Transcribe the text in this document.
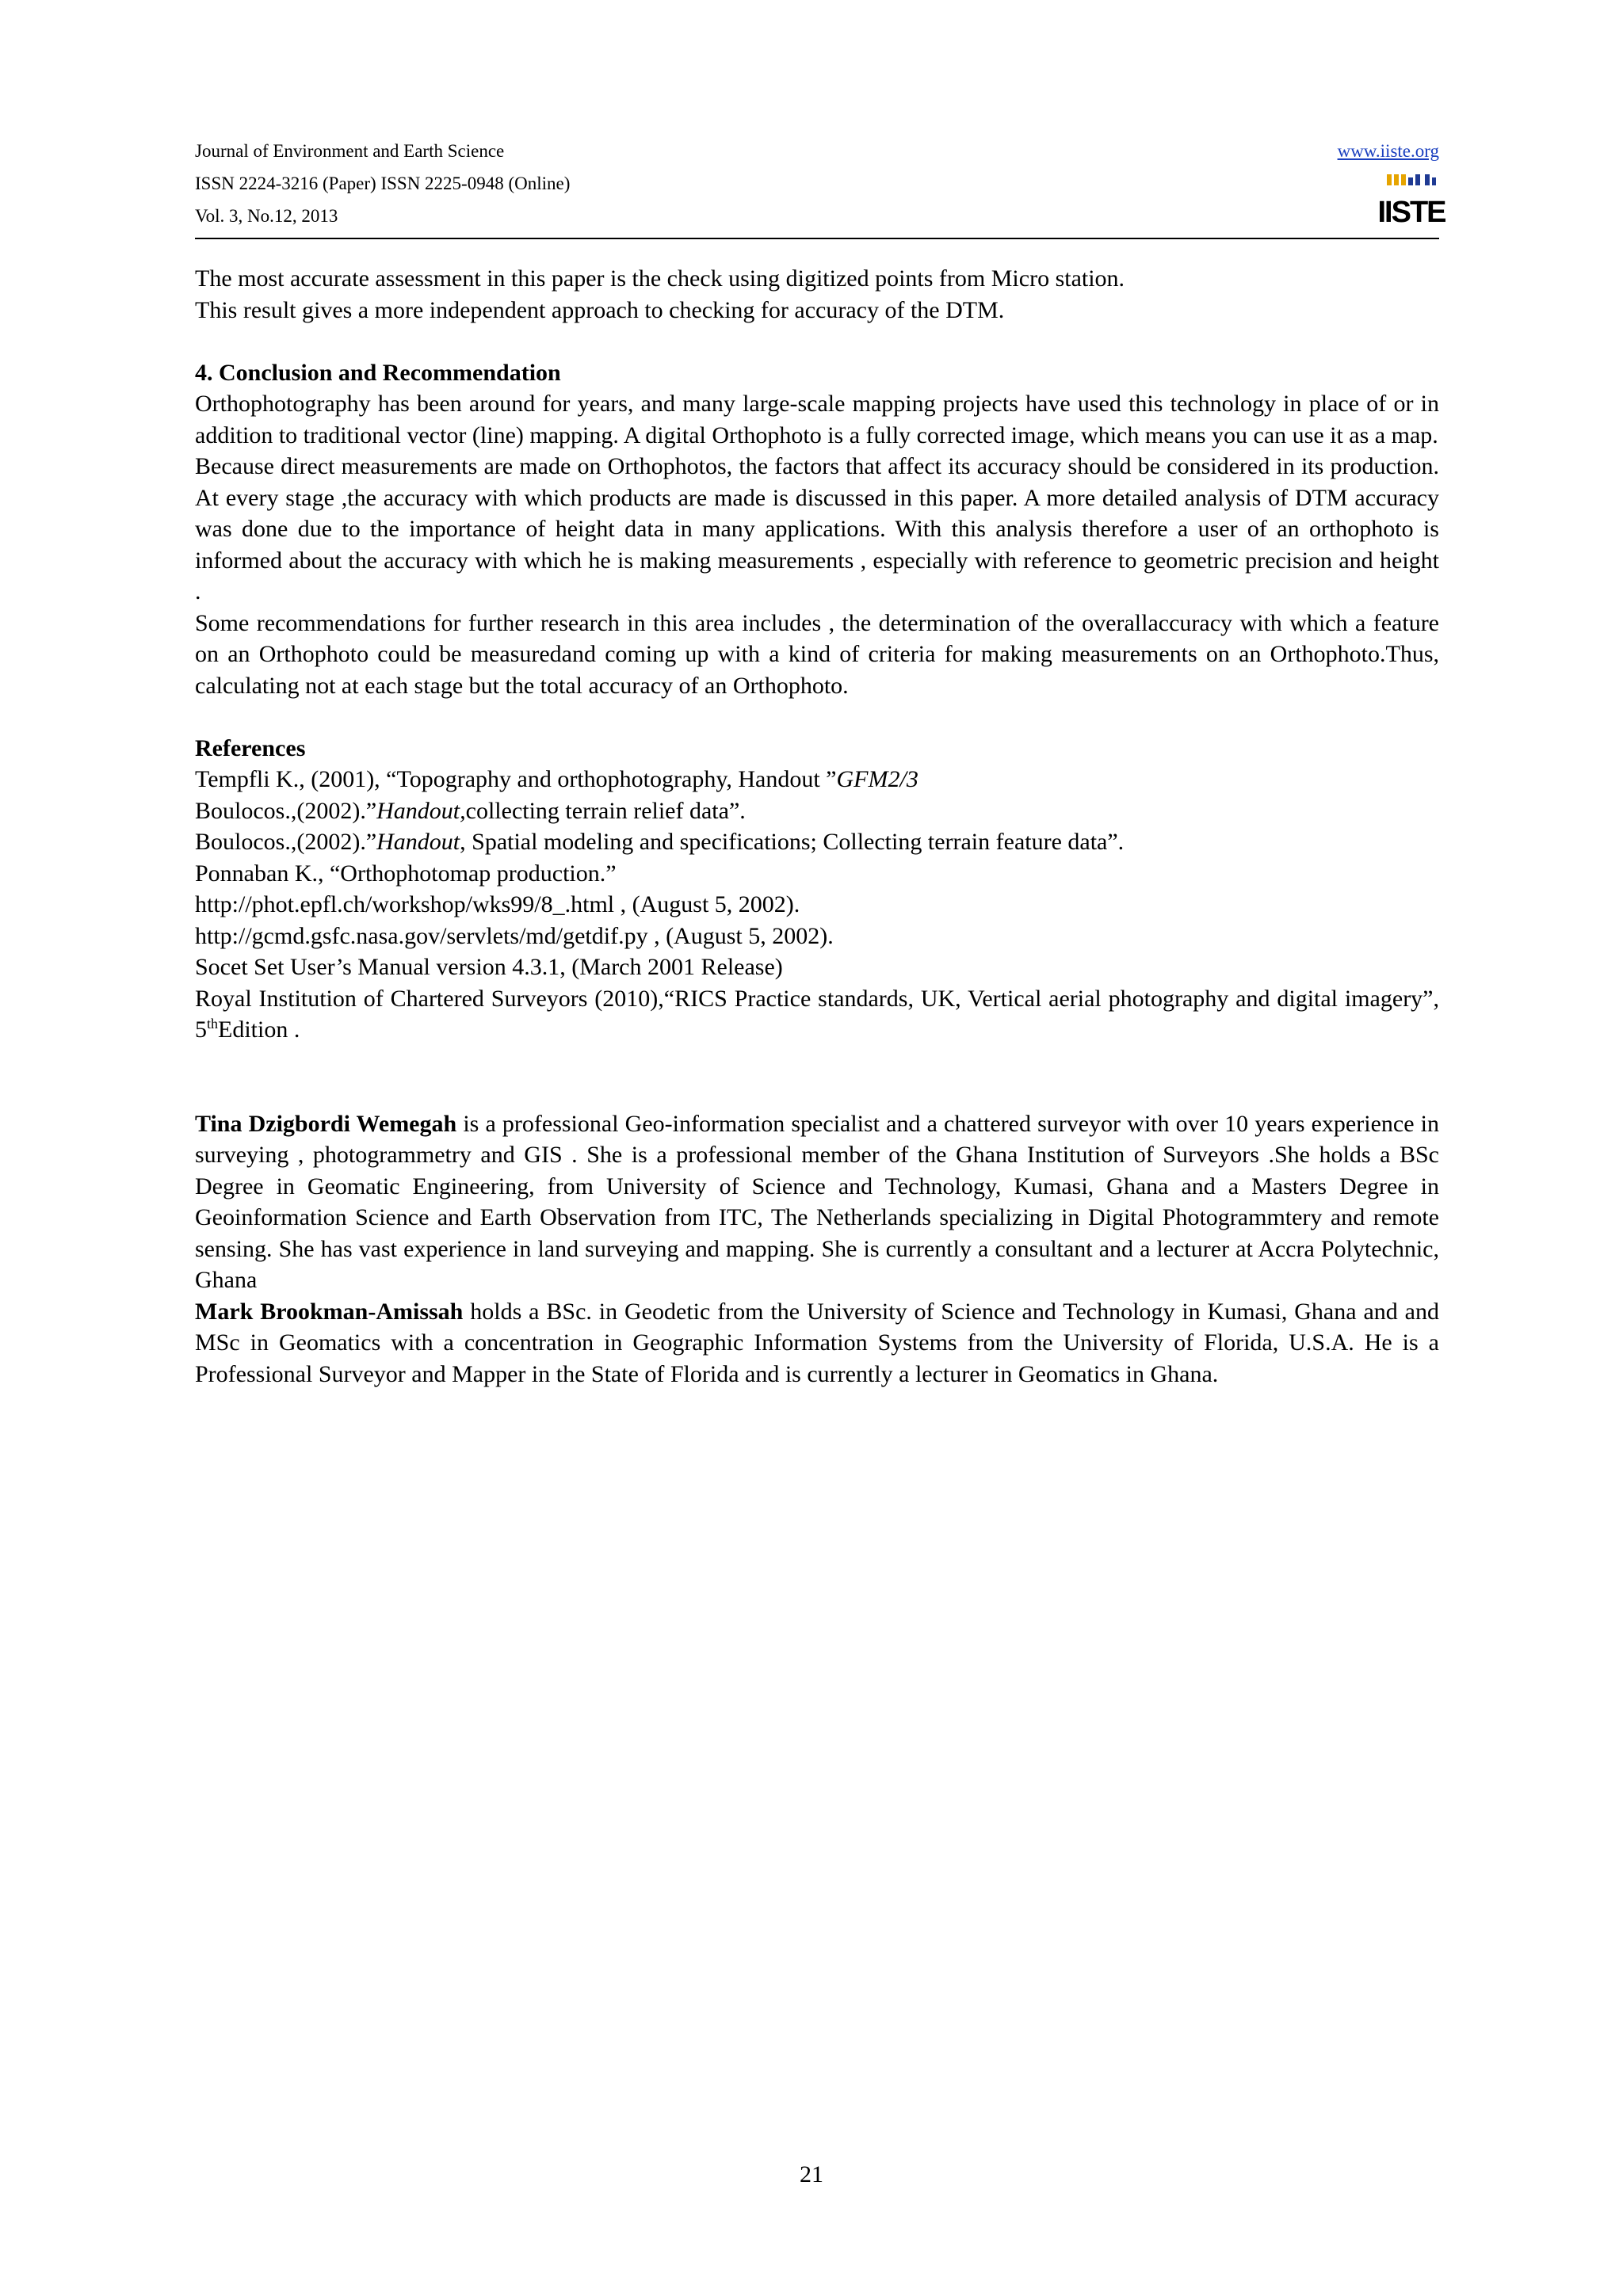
Journal of Environment and Earth Science
ISSN 2224-3216 (Paper) ISSN 2225-0948 (Online)
Vol. 3, No.12, 2013
www.iiste.org
IISTE

The most accurate assessment in this paper is the check using digitized points from Micro station.

This result gives a more independent approach to checking for accuracy of the DTM.

4. Conclusion and Recommendation

Orthophotography has been around for years, and many large-scale mapping projects have used this technology in place of or in addition to traditional vector (line) mapping. A digital Orthophoto is a fully corrected image, which means you can use it as a map.

Because direct measurements are made on Orthophotos, the factors that affect its accuracy should be considered in its production. At every stage ,the accuracy with which products are made is discussed in this paper. A more detailed analysis of DTM accuracy was done due to the importance of height data in many applications. With this analysis therefore a user of an orthophoto is informed about the accuracy with which he is making measurements , especially with reference to geometric precision and height .

Some recommendations for further research in this area includes , the determination of the overallaccuracy with which a feature on an Orthophoto could be measuredand coming up with a kind of criteria for making measurements on an Orthophoto.Thus, calculating not at each stage but the total accuracy of an Orthophoto.

References

Tempfli K., (2001), “Topography and orthophotography, Handout ”GFM2/3

Boulocos.,(2002).”Handout,collecting terrain relief data”.

Boulocos.,(2002).”Handout, Spatial modeling and specifications; Collecting terrain feature data”.

Ponnaban K., “Orthophotomap production.”

http://phot.epfl.ch/workshop/wks99/8_.html , (August 5, 2002).

http://gcmd.gsfc.nasa.gov/servlets/md/getdif.py , (August 5, 2002).

Socet Set User’s Manual version 4.3.1, (March 2001 Release)

Royal Institution of Chartered Surveyors (2010),“RICS Practice standards, UK, Vertical aerial photography and digital imagery”, 5thEdition .

Tina Dzigbordi Wemegah is a professional Geo-information specialist and a chattered surveyor with over 10 years experience in surveying , photogrammetry and GIS . She is a professional member of the Ghana Institution of Surveyors .She holds a BSc Degree in Geomatic Engineering, from University of Science and Technology, Kumasi, Ghana and a Masters Degree in Geoinformation Science and Earth Observation from ITC, The Netherlands specializing in Digital Photogrammtery and remote sensing. She has vast experience in land surveying and mapping. She is currently a consultant and a lecturer at Accra Polytechnic, Ghana

Mark Brookman-Amissah holds a BSc. in Geodetic from the University of Science and Technology in Kumasi, Ghana and and MSc in Geomatics with a concentration in Geographic Information Systems from the University of Florida, U.S.A. He is a Professional Surveyor and Mapper in the State of Florida and is currently a lecturer in Geomatics in Ghana.

21
